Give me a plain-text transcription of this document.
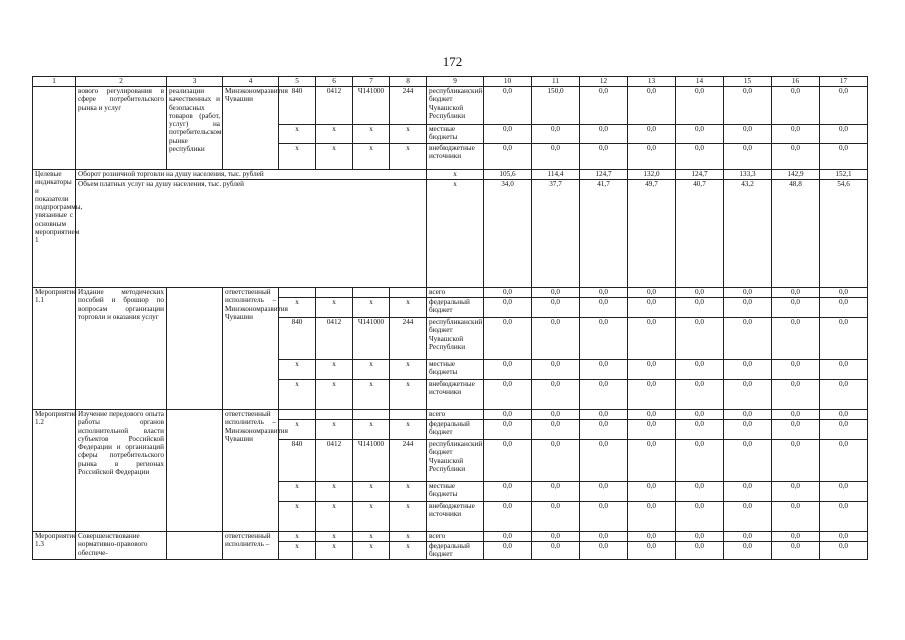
172
1	2	3	4	5	6	7	8	9	10	11	12	13	14	15	16	17
	вового регулирования в сфере потребительского рынка и услуг	реализации качественных и безопасных товаров (работ, услуг) на потребительском рынке республики	Минэкономразвития Чувашии	840	0412	Ч141000	244	республиканский бюджет Чувашской Республики	0,0	150,0	0,0	0,0	0,0	0,0	0,0	0,0
				x	x	x	x	местные бюджеты	0,0	0,0	0,0	0,0	0,0	0,0	0,0	0,0
				x	x	x	x	внебюджетные источники	0,0	0,0	0,0	0,0	0,0	0,0	0,0	0,0
Целевые индикаторы и показатели подпрограммы, увязанные с основным мероприятием 1	Оборот розничной торговли на душу населения, тыс. рублей							x	105,6	114,4	124,7	132,0	124,7	133,3	142,9	152,1
	Объем платных услуг на душу населения, тыс. рублей							x	34,0	37,7	41,7	49,7	40,7	43,2	48,8	54,6
Мероприятие 1.1	Издание методических пособий и брошюр по вопросам организации торговли и оказания услуг		ответственный исполнитель – Минэкономразвития Чувашии					всего	0,0	0,0	0,0	0,0	0,0	0,0	0,0	0,0
				x	x	x	x	федеральный бюджет	0,0	0,0	0,0	0,0	0,0	0,0	0,0	0,0
				840	0412	Ч141000	244	республиканский бюджет Чувашской Республики	0,0	0,0	0,0	0,0	0,0	0,0	0,0	0,0
				x	x	x	x	местные бюджеты	0,0	0,0	0,0	0,0	0,0	0,0	0,0	0,0
				x	x	x	x	внебюджетные источники	0,0	0,0	0,0	0,0	0,0	0,0	0,0	0,0
Мероприятие 1.2	Изучение передового опыта работы органов исполнительной власти субъектов Российской Федерации и организаций сферы потребительского рынка в регионах Российской Федерации		ответственный исполнитель – Минэкономразвития Чувашии					всего	0,0	0,0	0,0	0,0	0,0	0,0	0,0	0,0
				x	x	x	x	федеральный бюджет	0,0	0,0	0,0	0,0	0,0	0,0	0,0	0,0
				840	0412	Ч141000	244	республиканский бюджет Чувашской Республики	0,0	0,0	0,0	0,0	0,0	0,0	0,0	0,0
				x	x	x	x	местные бюджеты	0,0	0,0	0,0	0,0	0,0	0,0	0,0	0,0
				x	x	x	x	внебюджетные источники	0,0	0,0	0,0	0,0	0,0	0,0	0,0	0,0
Мероприятие 1.3	Совершенствование нормативно-правового обеспече-		ответственный исполнитель –	x	x	x	x	всего	0,0	0,0	0,0	0,0	0,0	0,0	0,0	0,0
				x	x	x	x	федеральный бюджет	0,0	0,0	0,0	0,0	0,0	0,0	0,0	0,0
